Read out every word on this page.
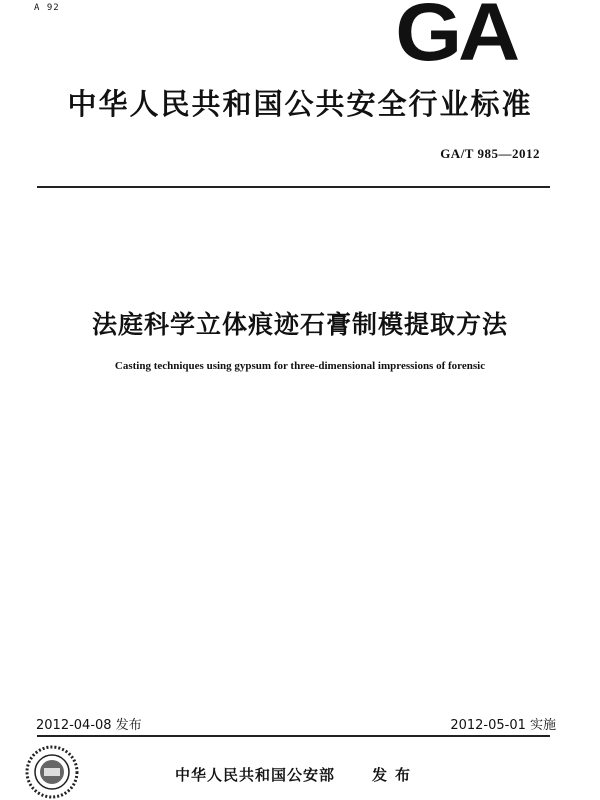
A 92	GA
中华人民共和国公共安全行业标准
GA/T 985—2012
法庭科学立体痕迹石膏制模提取方法
Casting techniques using gypsum for three-dimensional impressions of forensic
2012-04-08 发布	2012-05-01 实施
中华人民共和国公安部 发布
